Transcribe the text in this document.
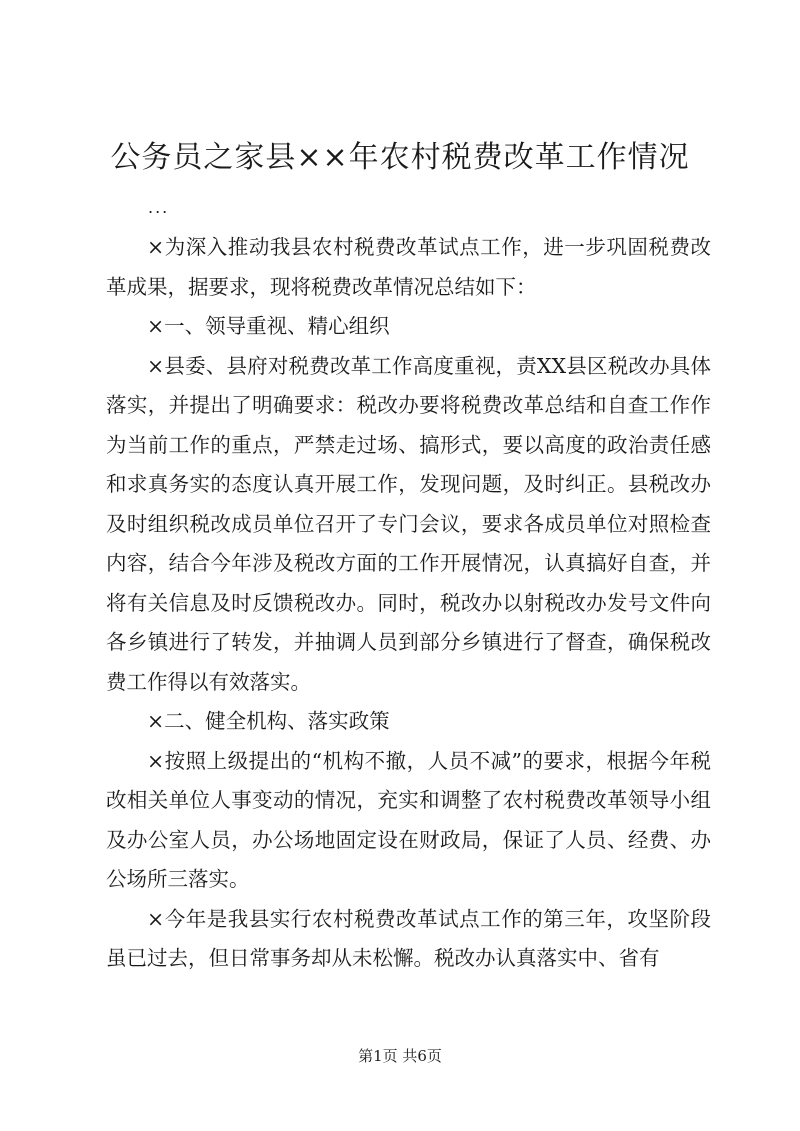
公务员之家县××年农村税费改革工作情况
...

×为深入推动我县农村税费改革试点工作，进一步巩固税费改革成果，据要求，现将税费改革情况总结如下：

×一、领导重视、精心组织

×县委、县府对税费改革工作高度重视，责XX县区税改办具体落实，并提出了明确要求：税改办要将税费改革总结和自查工作作为当前工作的重点，严禁走过场、搞形式，要以高度的政治责任感和求真务实的态度认真开展工作，发现问题，及时纠正。县税改办及时组织税改成员单位召开了专门会议，要求各成员单位对照检查内容，结合今年涉及税改方面的工作开展情况，认真搞好自查，并将有关信息及时反馈税改办。同时，税改办以射税改办发号文件向各乡镇进行了转发，并抽调人员到部分乡镇进行了督查，确保税改费工作得以有效落实。

×二、健全机构、落实政策

×按照上级提出的“机构不撤，人员不减”的要求，根据今年税改相关单位人事变动的情况，充实和调整了农村税费改革领导小组及办公室人员，办公场地固定设在财政局，保证了人员、经费、办公场所三落实。

×今年是我县实行农村税费改革试点工作的第三年，攻坚阶段虽已过去，但日常事务却从未松懈。税改办认真落实中、省有

第1页 共6页
